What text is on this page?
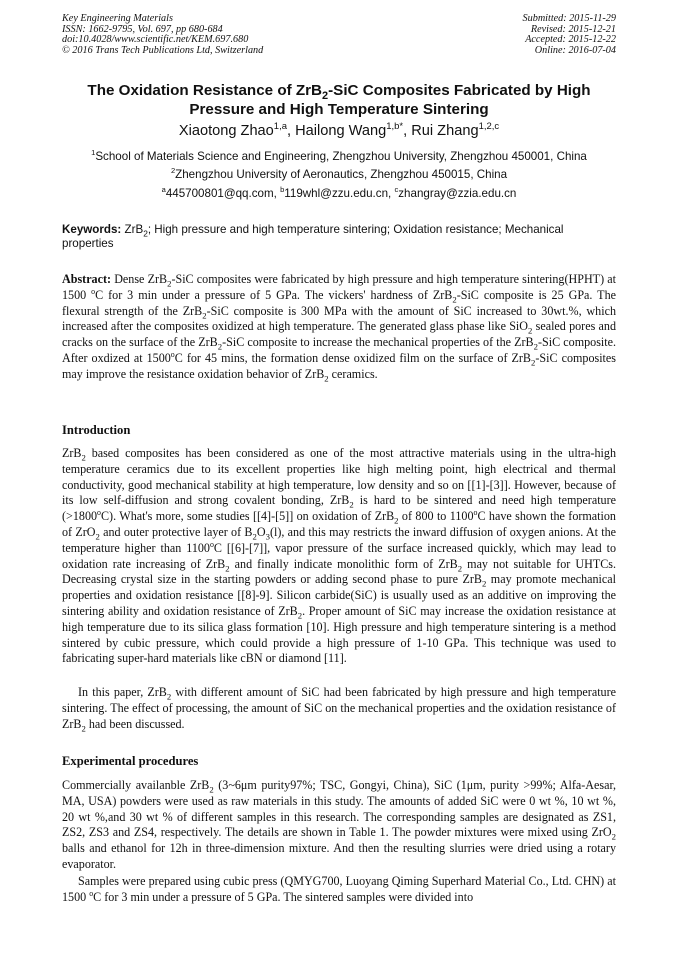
Key Engineering Materials
ISSN: 1662-9795, Vol. 697, pp 680-684
doi:10.4028/www.scientific.net/KEM.697.680
© 2016 Trans Tech Publications Ltd, Switzerland
Submitted: 2015-11-29
Revised: 2015-12-21
Accepted: 2015-12-22
Online: 2016-07-04
The Oxidation Resistance of ZrB$_2$-SiC Composites Fabricated by High Pressure and High Temperature Sintering
Xiaotong Zhao$^{1,a}$, Hailong Wang$^{1,b*}$, Rui Zhang$^{1,2,c}$
$^1$School of Materials Science and Engineering, Zhengzhou University, Zhengzhou 450001, China
$^2$Zhengzhou University of Aeronautics, Zhengzhou 450015, China
$^a$445700801@qq.com, $^b$119whl@zzu.edu.cn, $^c$zhangray@zzia.edu.cn
Keywords: ZrB$_2$; High pressure and high temperature sintering; Oxidation resistance; Mechanical properties
Abstract: Dense ZrB$_2$-SiC composites were fabricated by high pressure and high temperature sintering(HPHT) at 1500 $^o$C for 3 min under a pressure of 5 GPa. The vickers' hardness of ZrB$_2$-SiC composite is 25 GPa. The flexural strength of the ZrB$_2$-SiC composite is 300 MPa with the amount of SiC increased to 30wt.%, which increased after the composites oxidized at high temperature. The generated glass phase like SiO$_2$ sealed pores and cracks on the surface of the ZrB$_2$-SiC composite to increase the mechanical properties of the ZrB$_2$-SiC composite. After oxdized at 1500$^o$C for 45 mins, the formation dense oxidized film on the surface of ZrB$_2$-SiC composites may improve the resistance oxidation behavior of ZrB$_2$ ceramics.
Introduction
ZrB$_2$ based composites has been considered as one of the most attractive materials using in the ultra-high temperature ceramics due to its excellent properties like high melting point, high electrical and thermal conductivity, good mechanical stability at high temperature, low density and so on [[1]-[3]]. However, because of its low self-diffusion and strong covalent bonding, ZrB$_2$ is hard to be sintered and need high temperature $(>1800^oC)$. What's more, some studies [[4]-[5]] on oxidation of ZrB$_2$ of 800 to 1100$^o$C have shown the formation of ZrO$_2$ and outer protective layer of $B_2O_3(l)$, and this may restricts the inward diffusion of oxygen anions. At the temperature higher than 1100$^o$C [[6]-[7]], vapor pressure of the surface increased quickly, which may lead to oxidation rate increasing of ZrB$_2$ and finally indicate monolithic form of ZrB$_2$ may not suitable for UHTCs. Decreasing crystal size in the starting powders or adding second phase to pure ZrB$_2$ may promote mechanical properties and oxidation resistance [[8]-9]. Silicon carbide(SiC) is usually used as an additive on improving the sintering ability and oxidation resistance of ZrB$_2$. Proper amount of SiC may increase the oxidation resistance at high temperature due to its silica glass formation [10]. High pressure and high temperature sintering is a method sintered by cubic pressure, which could provide a high pressure of 1-10 GPa. This technique was used to fabricating super-hard materials like cBN or diamond [11].
In this paper, ZrB$_2$ with different amount of SiC had been fabricated by high pressure and high temperature sintering. The effect of processing, the amount of SiC on the mechanical properties and the oxidation resistance of ZrB$_2$ had been discussed.
Experimental procedures
Commercially availanble ZrB$_2$ (3~6μm purity97%; TSC, Gongyi, China), SiC (1μm, purity >99%; Alfa-Aesar, MA, USA) powders were used as raw materials in this study. The amounts of added SiC were 0 wt %, 10 wt %, 20 wt %,and 30 wt % of different samples in this research. The corresponding samples are designated as ZS1, ZS2, ZS3 and ZS4, respectively. The details are shown in Table 1. The powder mixtures were mixed using ZrO$_2$ balls and ethanol for 12h in three-dimension mixture. And then the resulting slurries were dried using a rotary evaporator.
Samples were prepared using cubic press (QMYG700, Luoyang Qiming Superhard Material Co., Ltd. CHN) at 1500 $^o$C for 3 min under a pressure of 5 GPa. The sintered samples were divided into
